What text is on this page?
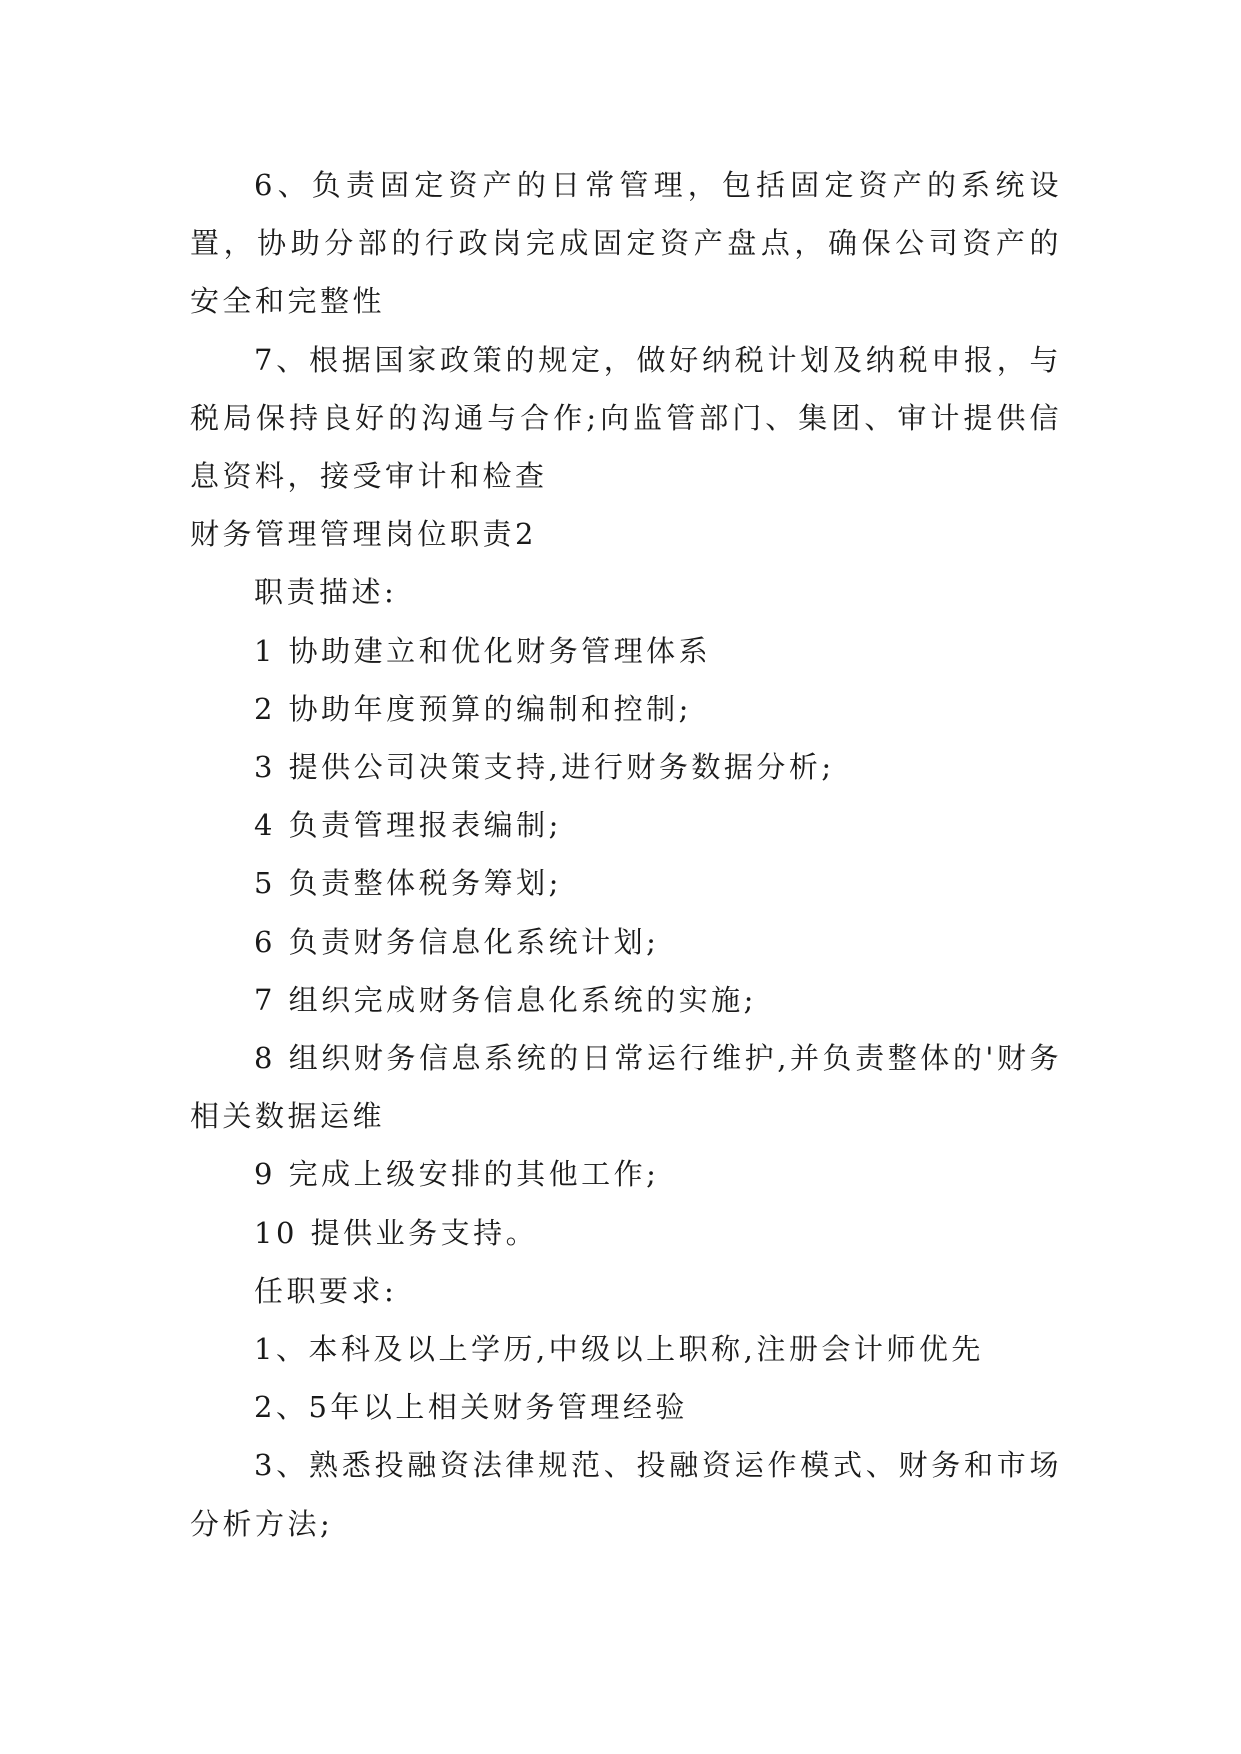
6、负责固定资产的日常管理，包括固定资产的系统设置，协助分部的行政岗完成固定资产盘点，确保公司资产的安全和完整性

7、根据国家政策的规定，做好纳税计划及纳税申报，与税局保持良好的沟通与合作;向监管部门、集团、审计提供信息资料，接受审计和检查

财务管理管理岗位职责2

职责描述:

1 协助建立和优化财务管理体系

2 协助年度预算的编制和控制;

3 提供公司决策支持,进行财务数据分析;

4 负责管理报表编制;

5 负责整体税务筹划;

6 负责财务信息化系统计划;

7 组织完成财务信息化系统的实施;

8 组织财务信息系统的日常运行维护,并负责整体的'财务相关数据运维

9 完成上级安排的其他工作;

10 提供业务支持。

任职要求:

1、本科及以上学历,中级以上职称,注册会计师优先

2、5年以上相关财务管理经验

3、熟悉投融资法律规范、投融资运作模式、财务和市场分析方法;
